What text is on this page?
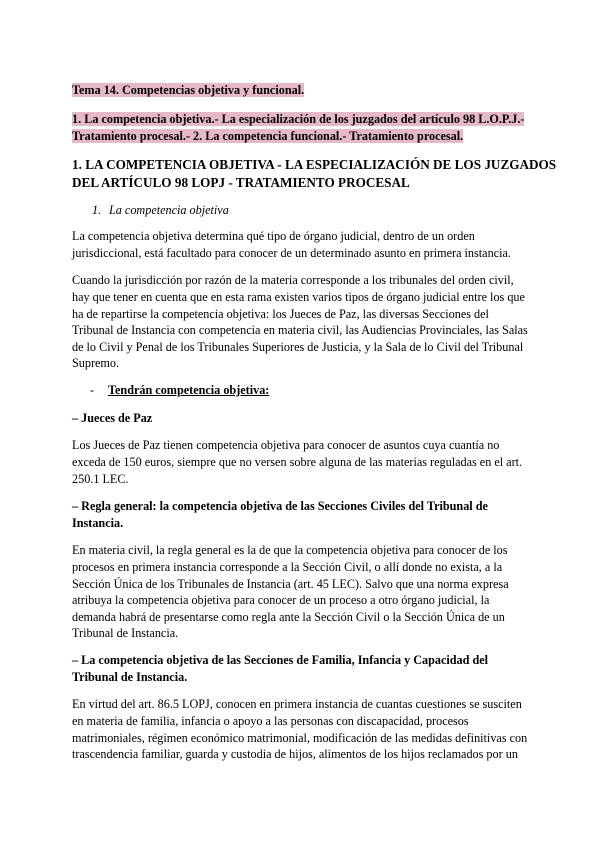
Tema 14. Competencias objetiva y funcional.
1. La competencia objetiva.- La especialización de los juzgados del artículo 98 L.O.P.J.-
Tratamiento procesal.- 2. La competencia funcional.- Tratamiento procesal.
1. LA COMPETENCIA OBJETIVA - LA ESPECIALIZACIÓN DE LOS JUZGADOS
DEL ARTÍCULO 98 LOPJ - TRATAMIENTO PROCESAL
1. La competencia objetiva
La competencia objetiva determina qué tipo de órgano judicial, dentro de un orden
jurisdiccional, está facultado para conocer de un determinado asunto en primera instancia.
Cuando la jurisdicción por razón de la materia corresponde a los tribunales del orden civil,
hay que tener en cuenta que en esta rama existen varios tipos de órgano judicial entre los que
ha de repartirse la competencia objetiva: los Jueces de Paz, las diversas Secciones del
Tribunal de Instancia con competencia en materia civil, las Audiencias Provinciales, las Salas
de lo Civil y Penal de los Tribunales Superiores de Justicia, y la Sala de lo Civil del Tribunal
Supremo.
- Tendrán competencia objetiva:
– Jueces de Paz
Los Jueces de Paz tienen competencia objetiva para conocer de asuntos cuya cuantía no
exceda de 150 euros, siempre que no versen sobre alguna de las materias reguladas en el art.
250.1 LEC.
– Regla general: la competencia objetiva de las Secciones Civiles del Tribunal de
Instancia.
En materia civil, la regla general es la de que la competencia objetiva para conocer de los
procesos en primera instancia corresponde a la Sección Civil, o allí donde no exista, a la
Sección Única de los Tribunales de Instancia (art. 45 LEC). Salvo que una norma expresa
atribuya la competencia objetiva para conocer de un proceso a otro órgano judicial, la
demanda habrá de presentarse como regla ante la Sección Civil o la Sección Única de un
Tribunal de Instancia.
– La competencia objetiva de las Secciones de Familia, Infancia y Capacidad del
Tribunal de Instancia.
En virtud del art. 86.5 LOPJ, conocen en primera instancia de cuantas cuestiones se susciten
en materia de familia, infancia o apoyo a las personas con discapacidad, procesos
matrimoniales, régimen económico matrimonial, modificación de las medidas definitivas con
trascendencia familiar, guarda y custodia de hijos, alimentos de los hijos reclamados por un
